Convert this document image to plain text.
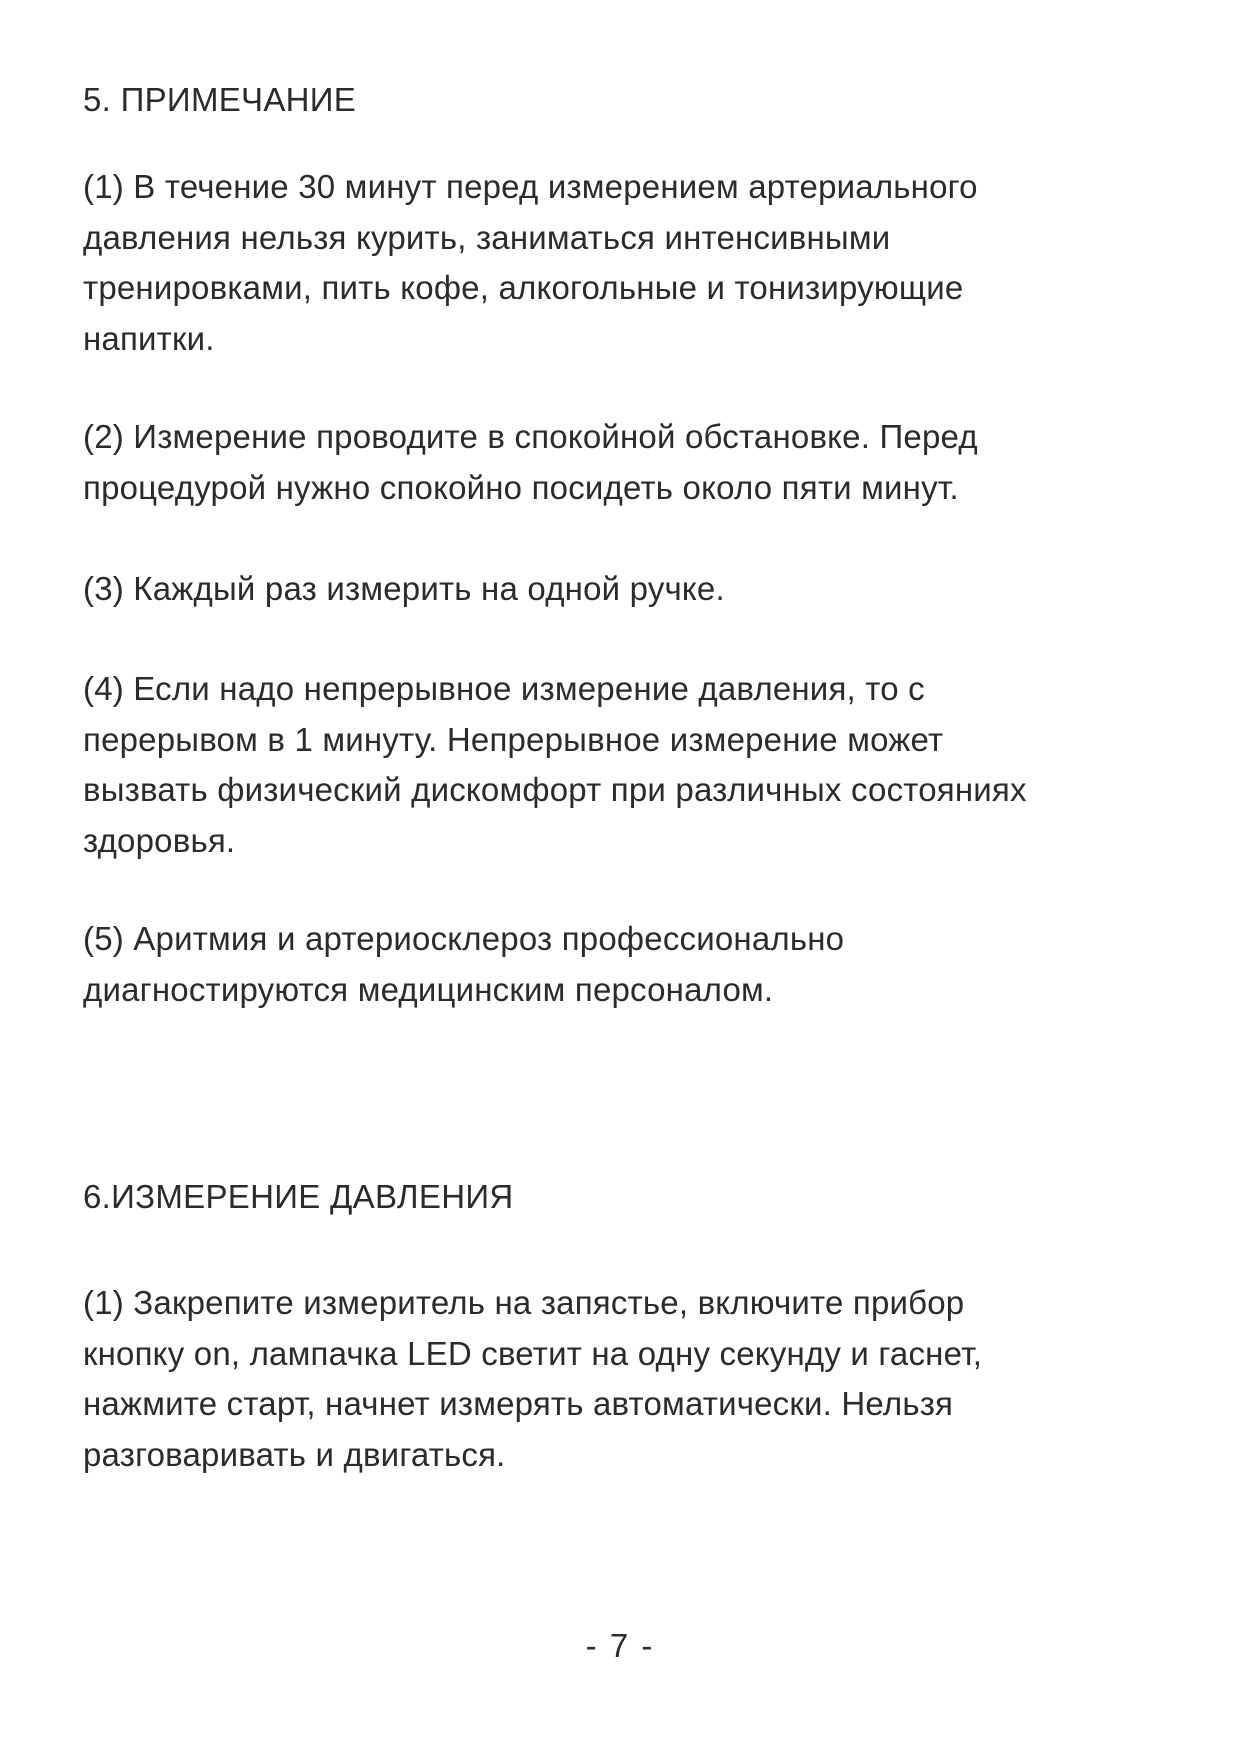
5. ПРИМЕЧАНИЕ

(1) В течение 30 минут перед измерением артериального
давления нельзя курить, заниматься интенсивными
тренировками, пить кофе, алкогольные и тонизирующие
напитки.

(2) Измерение проводите в спокойной обстановке. Перед
процедурой нужно спокойно посидеть около пяти минут.

(3) Каждый раз измерить на одной ручке.

(4) Если надо непрерывное измерение давления, то с
перерывом в 1 минуту. Непрерывное измерение может
вызвать физический дискомфорт при различных состояниях
здоровья.

(5) Аритмия и артериосклероз профессионально
диагностируются медицинским персоналом.

6.ИЗМЕРЕНИЕ ДАВЛЕНИЯ

(1) Закрепите измеритель на запястье, включите прибор
кнопку on, лампачка LED светит на одну секунду и гаснет,
нажмите старт, начнет измерять автоматически. Нельзя
разговаривать и двигаться.

- 7 -
